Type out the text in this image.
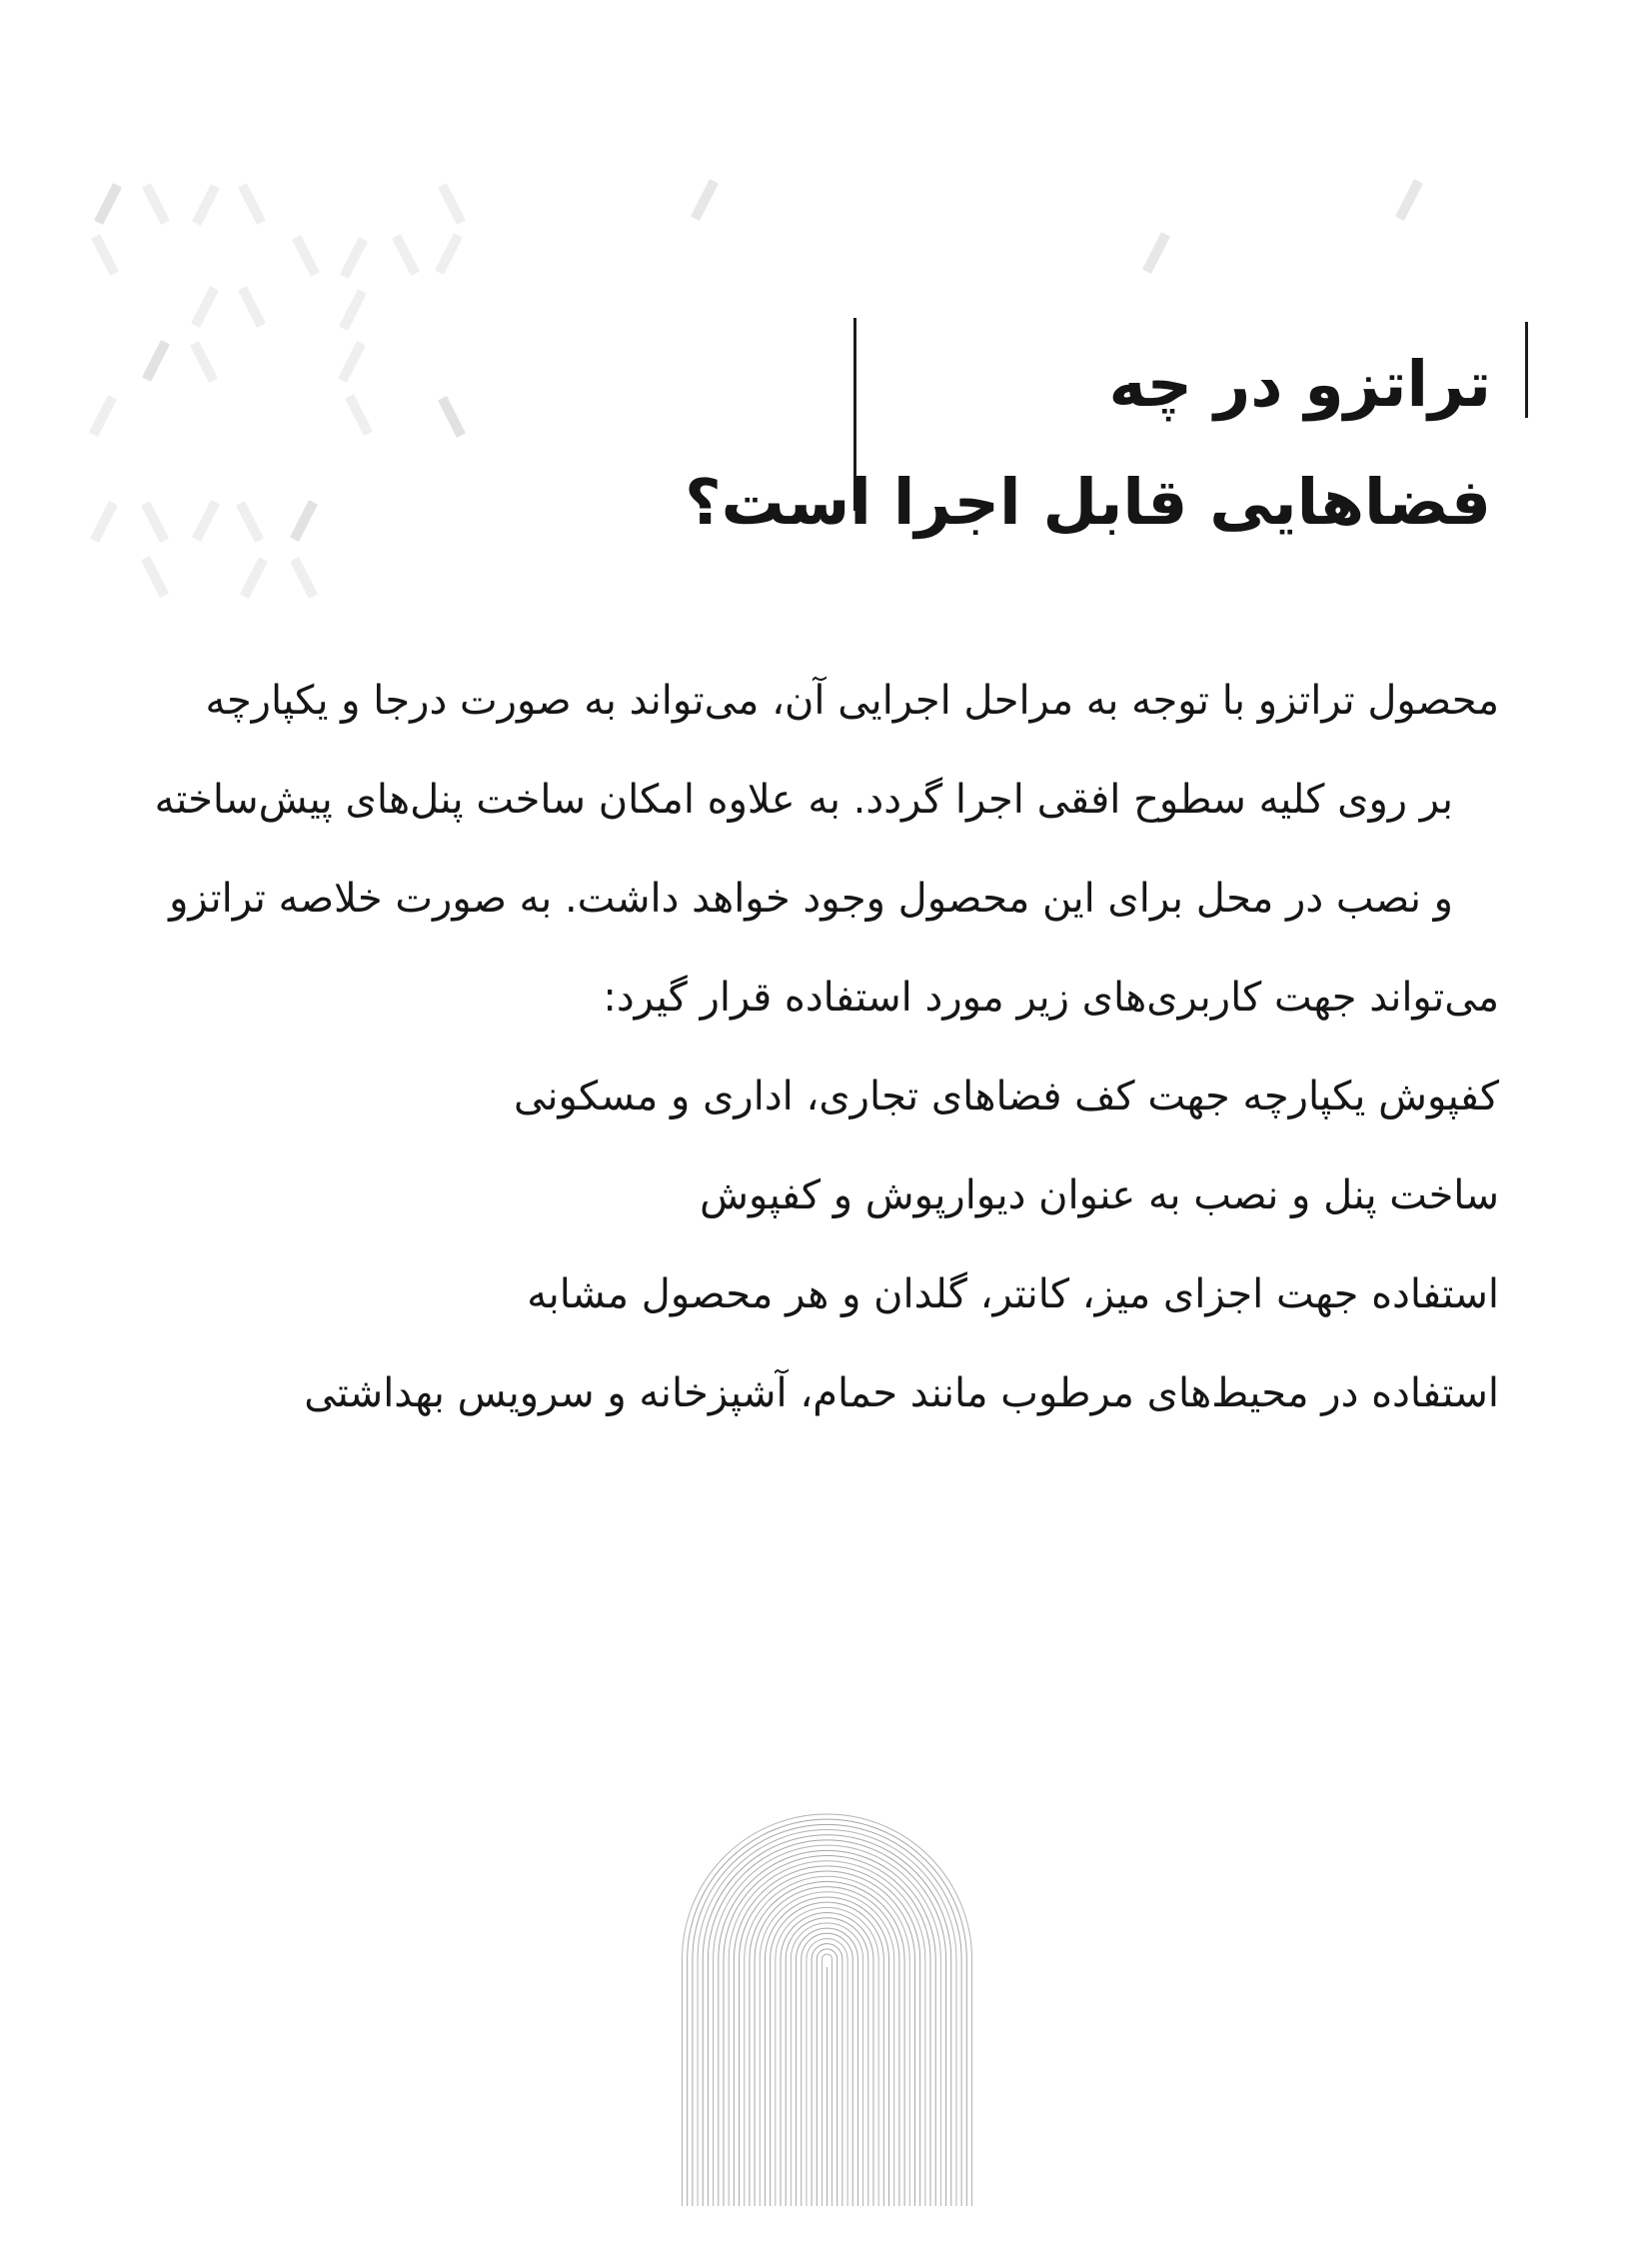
تراتزو در چه
فضاهایی قابل اجرا است؟
محصول تراتزو با توجه به مراحل اجرایی آن، می‌تواند به صورت درجا و یکپارچه
بر روی کلیه سطوح افقی اجرا گردد. به علاوه امکان ساخت پنل‌های پیش‌ساخته
و نصب در محل برای این محصول وجود خواهد داشت. به صورت خلاصه تراتزو
می‌تواند جهت کاربری‌های زیر مورد استفاده قرار گیرد:
کفپوش یکپارچه جهت کف فضاهای تجاری، اداری و مسکونی
ساخت پنل و نصب به عنوان دیوارپوش و کفپوش
استفاده جهت اجزای میز، کانتر، گلدان و هر محصول مشابه
استفاده در محیط‌های مرطوب مانند حمام، آشپزخانه و سرویس بهداشتی
